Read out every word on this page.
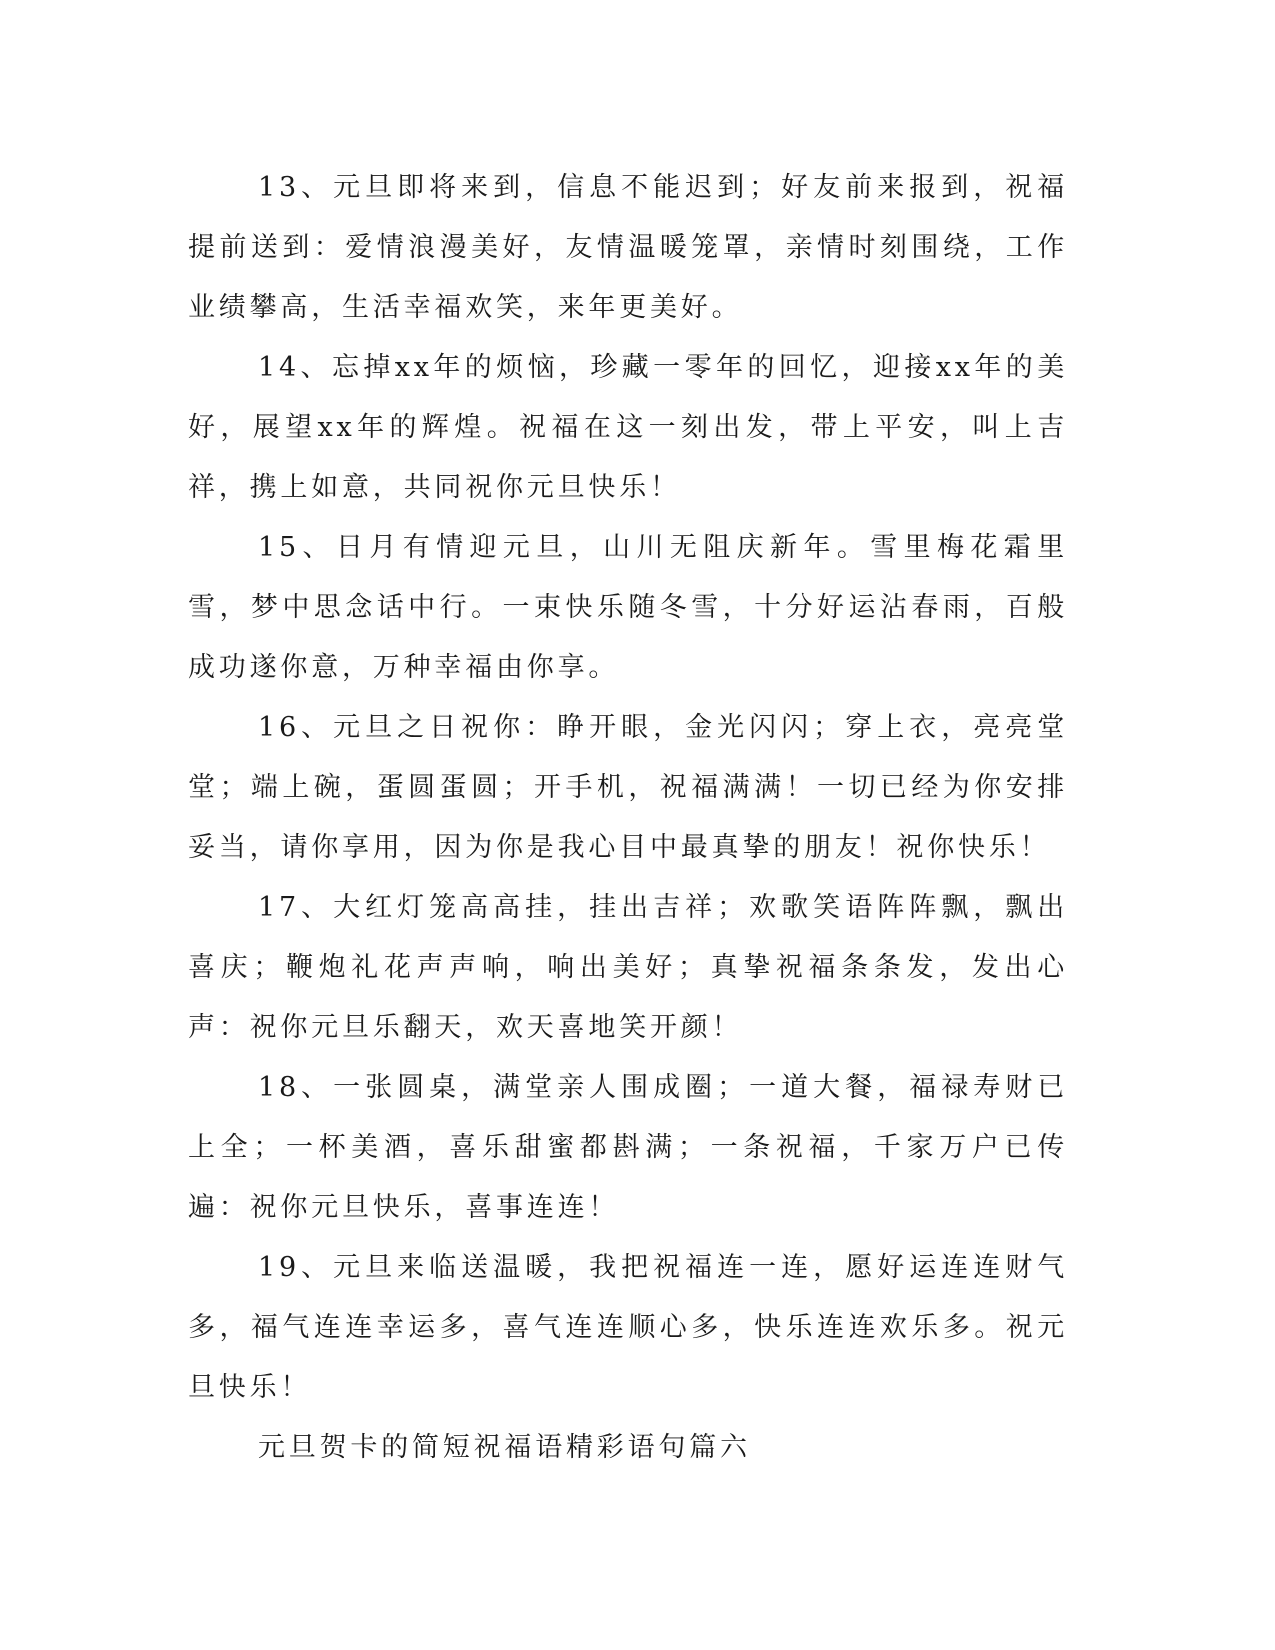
13、元旦即将来到，信息不能迟到；好友前来报到，祝福提前送到：爱情浪漫美好，友情温暖笼罩，亲情时刻围绕，工作业绩攀高，生活幸福欢笑，来年更美好。

14、忘掉xx年的烦恼，珍藏一零年的回忆，迎接xx年的美好，展望xx年的辉煌。祝福在这一刻出发，带上平安，叫上吉祥，携上如意，共同祝你元旦快乐！

15、日月有情迎元旦，山川无阻庆新年。雪里梅花霜里雪，梦中思念话中行。一束快乐随冬雪，十分好运沾春雨，百般成功遂你意，万种幸福由你享。

16、元旦之日祝你：睁开眼，金光闪闪；穿上衣，亮亮堂堂；端上碗，蛋圆蛋圆；开手机，祝福满满！一切已经为你安排妥当，请你享用，因为你是我心目中最真挚的朋友！祝你快乐！

17、大红灯笼高高挂，挂出吉祥；欢歌笑语阵阵飘，飘出喜庆；鞭炮礼花声声响，响出美好；真挚祝福条条发，发出心声：祝你元旦乐翻天，欢天喜地笑开颜！

18、一张圆桌，满堂亲人围成圈；一道大餐，福禄寿财已上全；一杯美酒，喜乐甜蜜都斟满；一条祝福，千家万户已传遍：祝你元旦快乐，喜事连连！

19、元旦来临送温暖，我把祝福连一连，愿好运连连财气多，福气连连幸运多，喜气连连顺心多，快乐连连欢乐多。祝元旦快乐！

元旦贺卡的简短祝福语精彩语句篇六
